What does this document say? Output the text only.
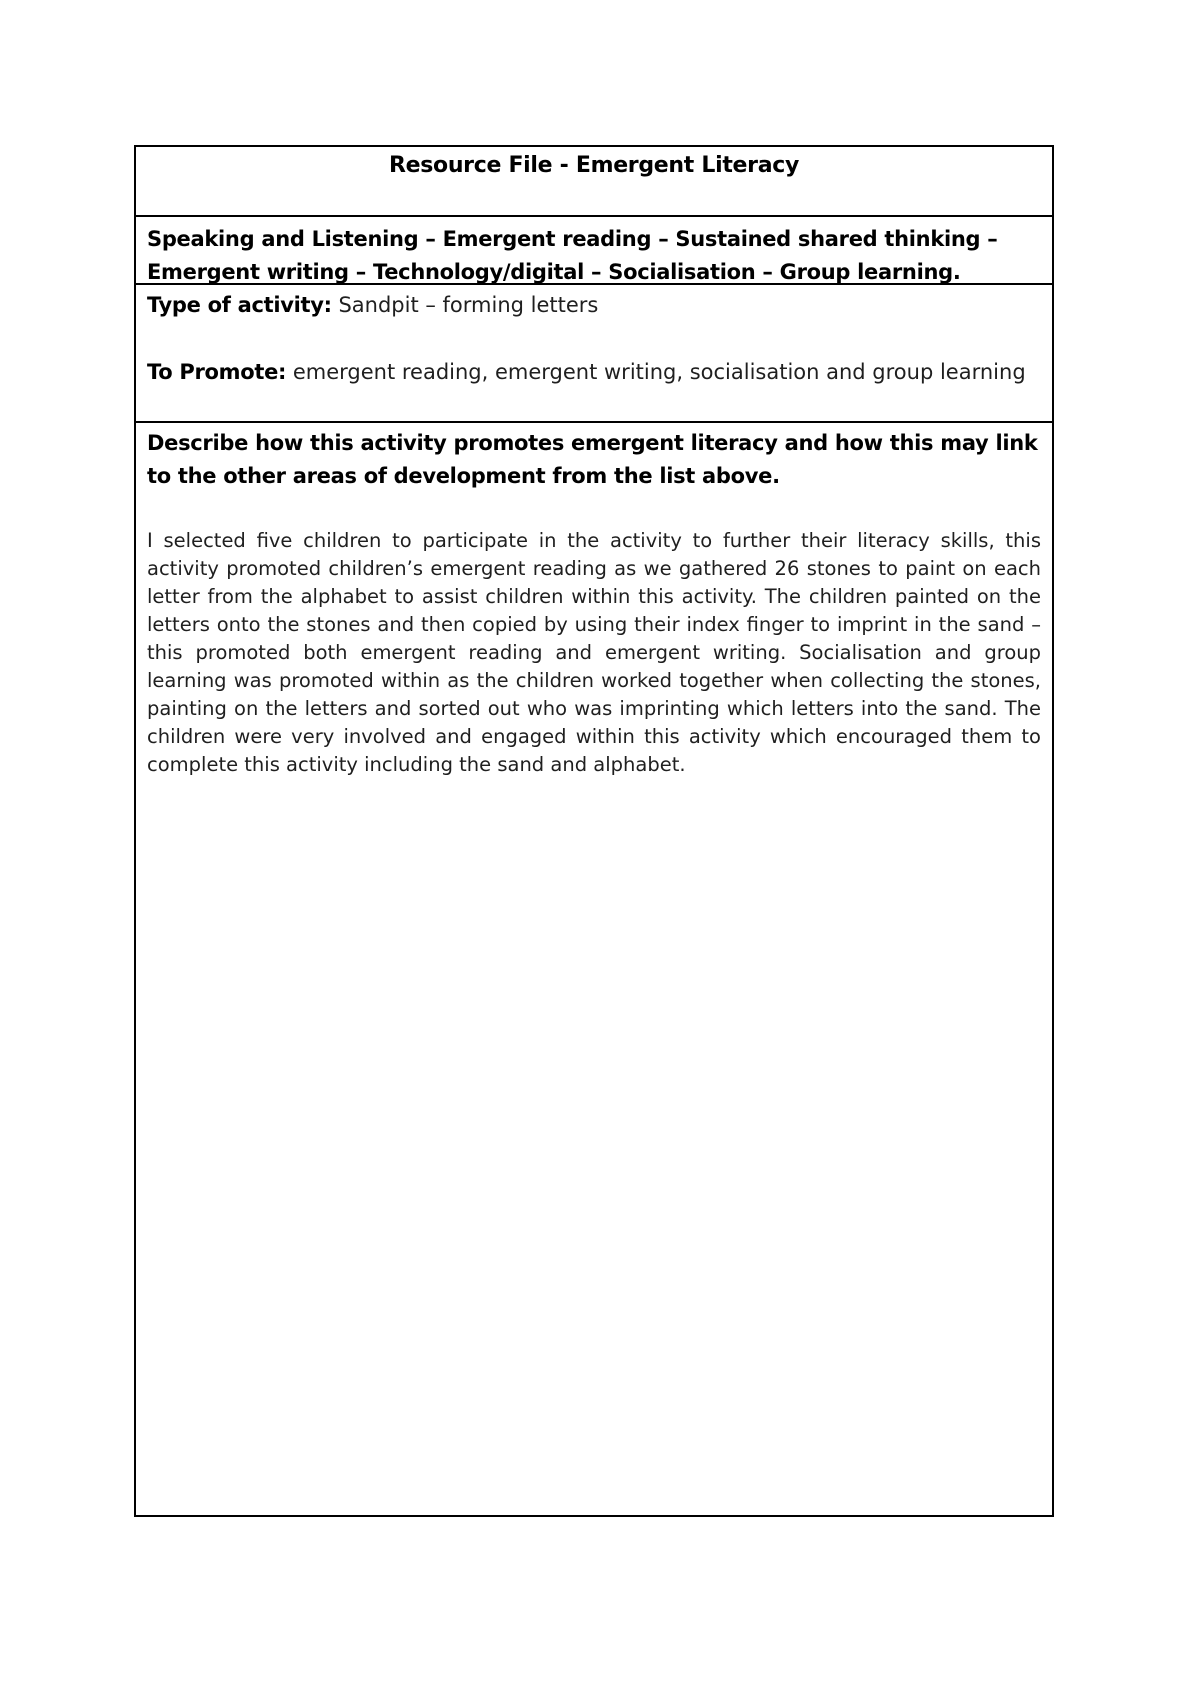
Resource File - Emergent Literacy
Speaking and Listening – Emergent reading – Sustained shared thinking – Emergent writing – Technology/digital – Socialisation – Group learning.
Type of activity: Sandpit – forming letters
To Promote: emergent reading, emergent writing, socialisation and group learning
Describe how this activity promotes emergent literacy and how this may link to the other areas of development from the list above.
I selected five children to participate in the activity to further their literacy skills, this activity promoted children’s emergent reading as we gathered 26 stones to paint on each letter from the alphabet to assist children within this activity. The children painted on the letters onto the stones and then copied by using their index finger to imprint in the sand – this promoted both emergent reading and emergent writing. Socialisation and group learning was promoted within as the children worked together when collecting the stones, painting on the letters and sorted out who was imprinting which letters into the sand. The children were very involved and engaged within this activity which encouraged them to complete this activity including the sand and alphabet.
